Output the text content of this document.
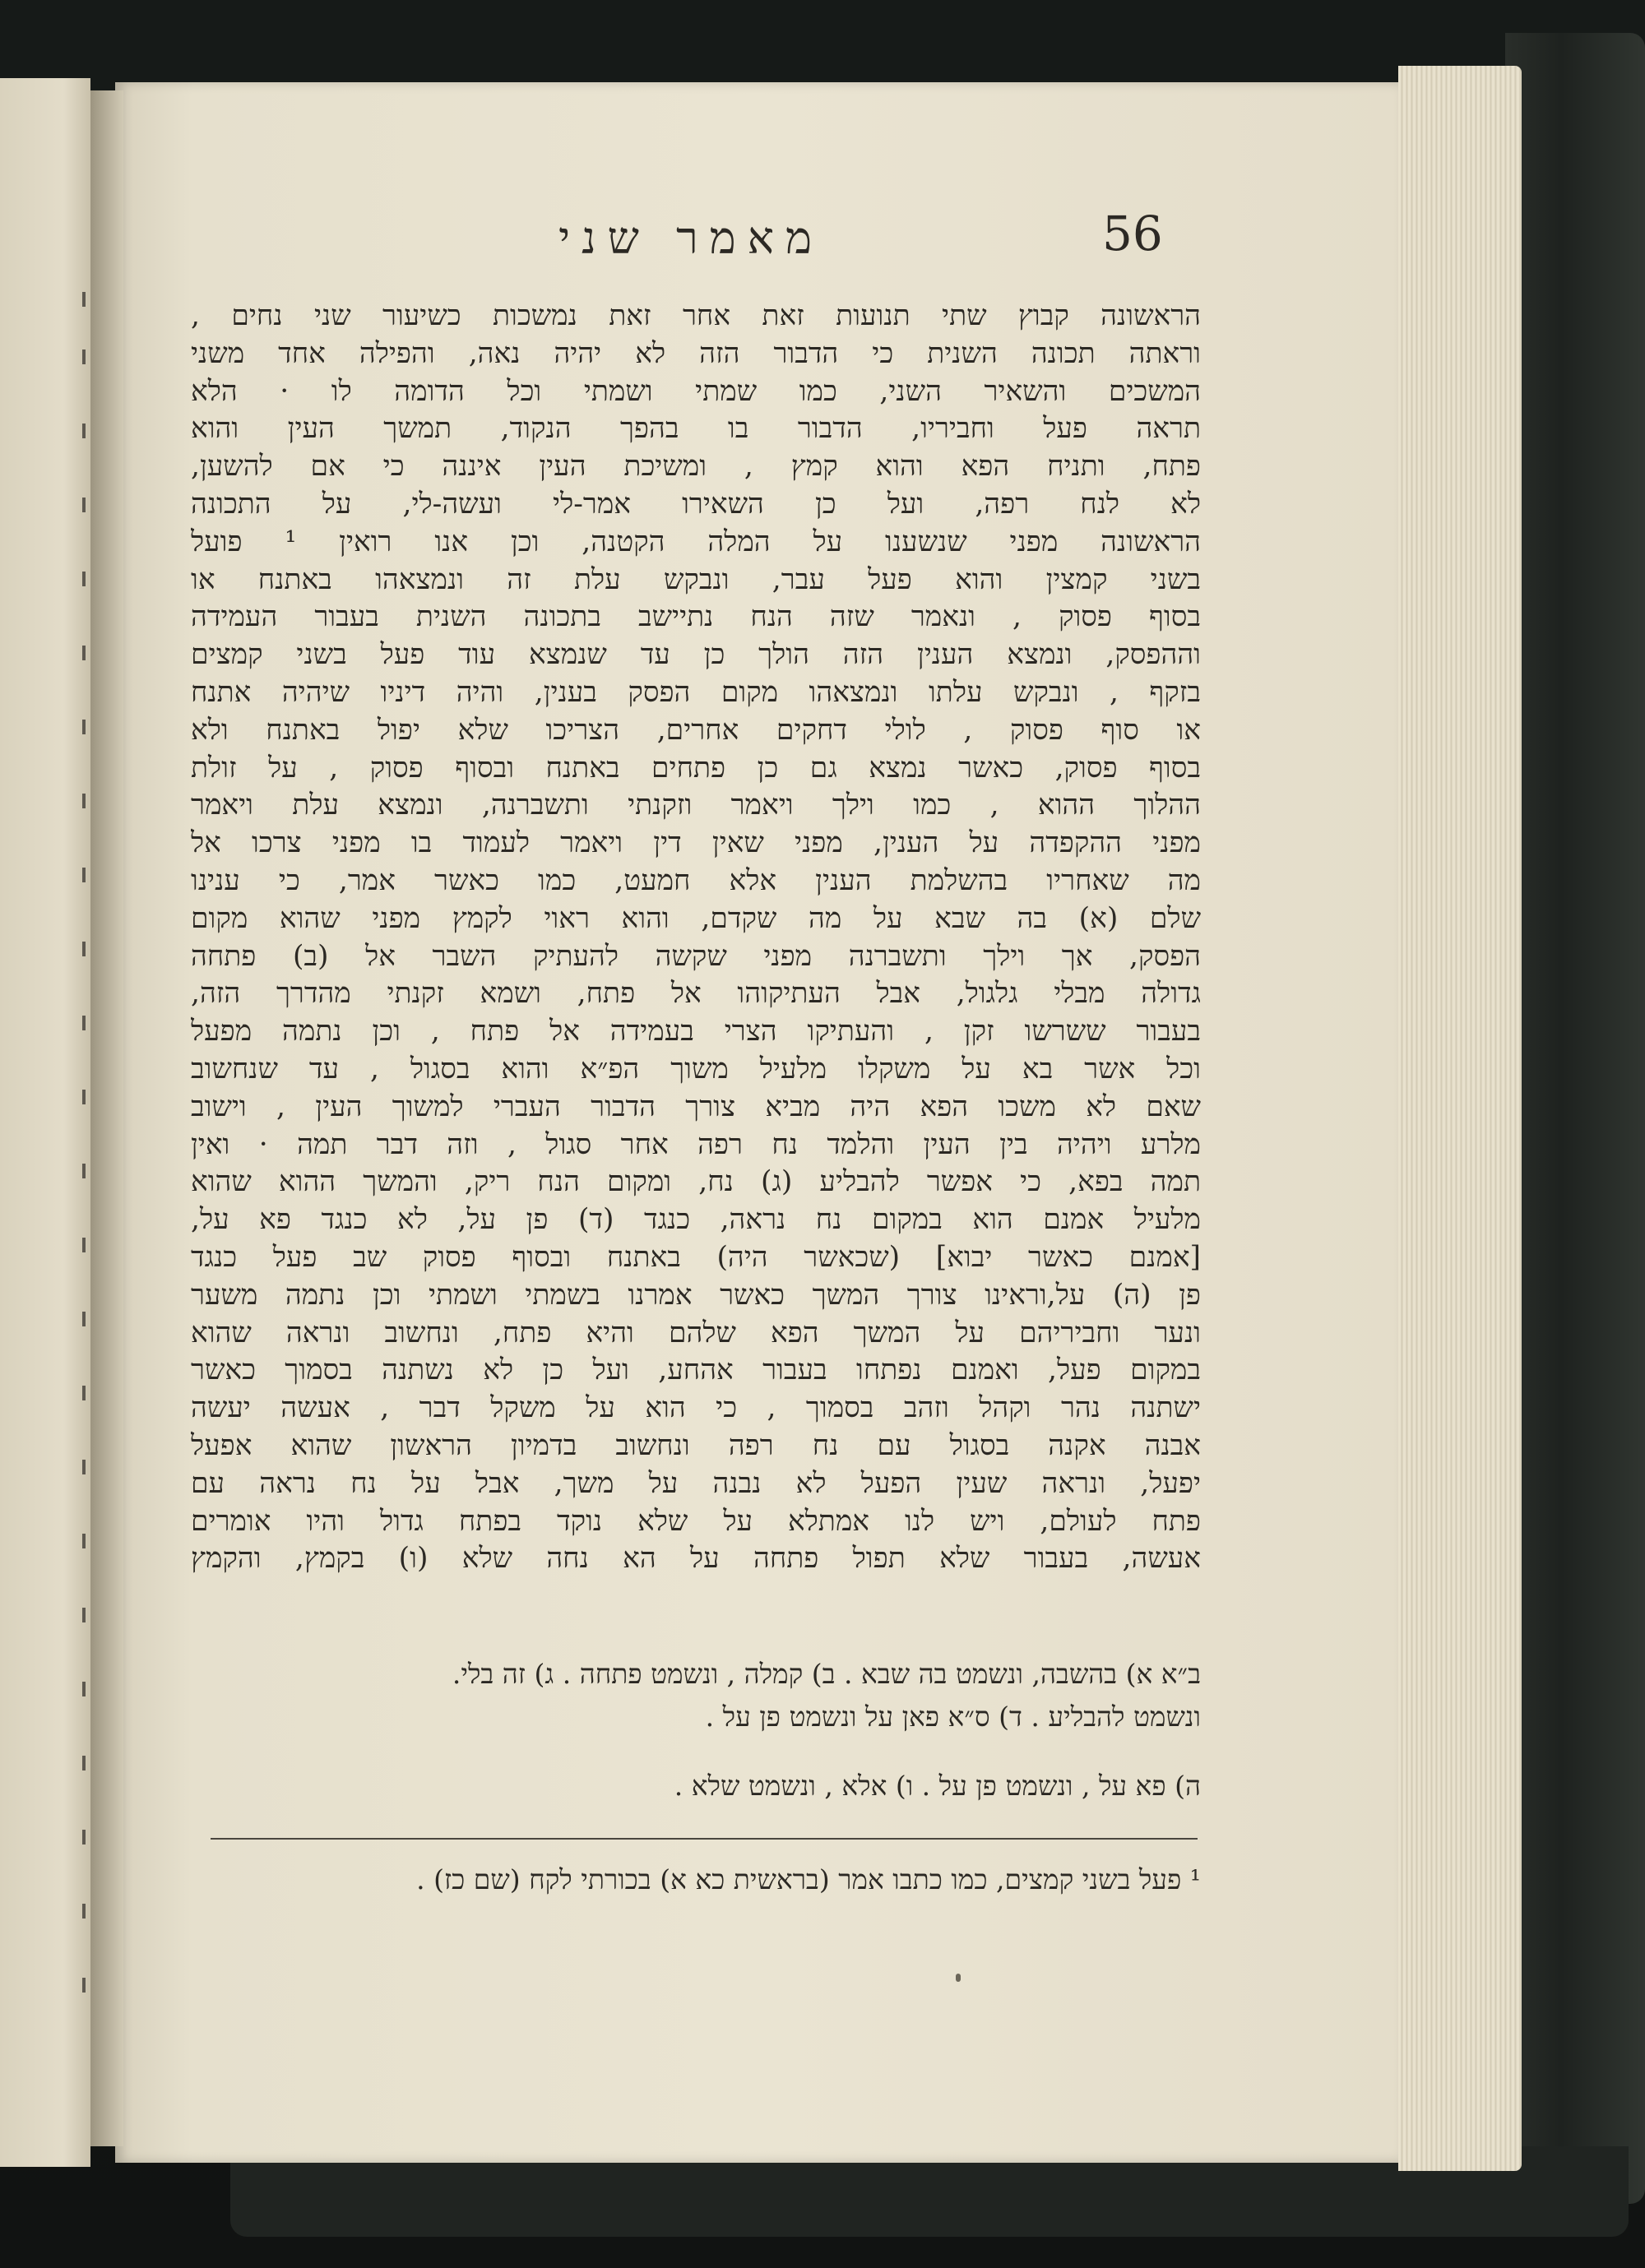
מאמר שני	56
הראשונה קבוץ שתי תנועות זאת אחר זאת נמשכות כשיעור שני נחים ,
וראתה תכונה השנית כי הדבור הזה לא יהיה נאה, והפילה אחד משני
המשכים והשאיר השני, כמו שמתי ושמתי וכל הדומה לו · הלא
תראה פעל וחביריו, הדבור בו בהפך הנקוד, תמשך העין והוא
פתח, ותניח הפא והוא קמץ , ומשיכת העין איננה כי אם להשען,
לא לנח רפה, ועל כן השאירו אמר-לי ועשה-לי, על התכונה
הראשונה מפני שנשענו על המלה הקטנה, וכן אנו רואין ¹ פועל
בשני קמצין והוא פעל עבר, ונבקש עלת זה ונמצאהו באתנח או
בסוף פסוק , ונאמר שזה הנח נתיישב בתכונה השנית בעבור העמידה
וההפסק, ונמצא הענין הזה הולך כן עד שנמצא עוד פעל בשני קמצים
בזקף , ונבקש עלתו ונמצאהו מקום הפסק בענין, והיה דיניו שיהיה אתנח
או סוף פסוק , לולי דחקים אחרים, הצריכו שלא יפול באתנח ולא
בסוף פסוק, כאשר נמצא גם כן פתחים באתנח ובסוף פסוק , על זולת
ההלוך ההוא , כמו וילך ויאמר וזקנתי ותשברנה, ונמצא עלת ויאמר
מפני ההקפדה על הענין, מפני שאין דין ויאמר לעמוד בו מפני צרכו אל
מה שאחריו בהשלמת הענין אלא חמעט, כמו כאשר אמר, כי ענינו
שלם (א) בה שבא על מה שקדם, והוא ראוי לקמץ מפני שהוא מקום
הפסק, אך וילך ותשברנה מפני שקשה להעתיק השבר אל (ב) פתחה
גדולה מבלי גלגול, אבל העתיקוהו אל פתח, ושמא זקנתי מהדרך הזה,
בעבור ששרשו זקן , והעתיקו הצרי בעמידה אל פתח , וכן נתמה מפעל
וכל אשר בא על משקלו מלעיל משוך הפ״א והוא בסגול , עד שנחשוב
שאם לא משכו הפא היה מביא צורך הדבור העברי למשוך העין , וישוב
מלרע ויהיה בין העין והלמד נח רפה אחר סגול , וזה דבר תמה · ואין
תמה בפא, כי אפשר להבליע (ג) נח, ומקום הנח ריק, והמשך ההוא שהוא
מלעיל אמנם הוא במקום נח נראה, כנגד (ד) פן על, לא כנגד פא על,
[אמנם כאשר יבוא] (שכאשר היה) באתנח ובסוף פסוק שב פעל כנגד
פן (ה) על,וראינו צורך המשך כאשר אמרנו בשמתי ושמתי וכן נתמה משער
ונער וחביריהם על המשך הפא שלהם והיא פתח, ונחשוב ונראה שהוא
במקום פעל, ואמנם נפתחו בעבור אהחע, ועל כן לא נשתנה בסמוך כאשר
ישתנה נהר וקהל וזהב בסמוך , כי הוא על משקל דבר , אעשה יעשה
אבנה אקנה בסגול עם נח רפה ונחשוב בדמיון הראשון שהוא אפעל
יפעל, ונראה שעין הפעל לא נבנה על משך, אבל על נח נראה עם
פתח לעולם, ויש לנו אמתלא על שלא נוקד בפתח גדול והיו אומרים
אעשה, בעבור שלא תפול פתחה על הא נחה שלא (ו) בקמץ, והקמץ
ב״א א) בהשבה, ונשמט בה שבא . ב) קמלה , ונשמט פתחה . ג) זה בלי.
ונשמט להבליע . ד) ס״א פאן על ונשמט פן על .
ה) פא על , ונשמט פן על . ו) אלא , ונשמט שלא .
¹ פעל בשני קמצים, כמו כתבו אמר (בראשית כא א) בכורתי לקח (שם כז) .
